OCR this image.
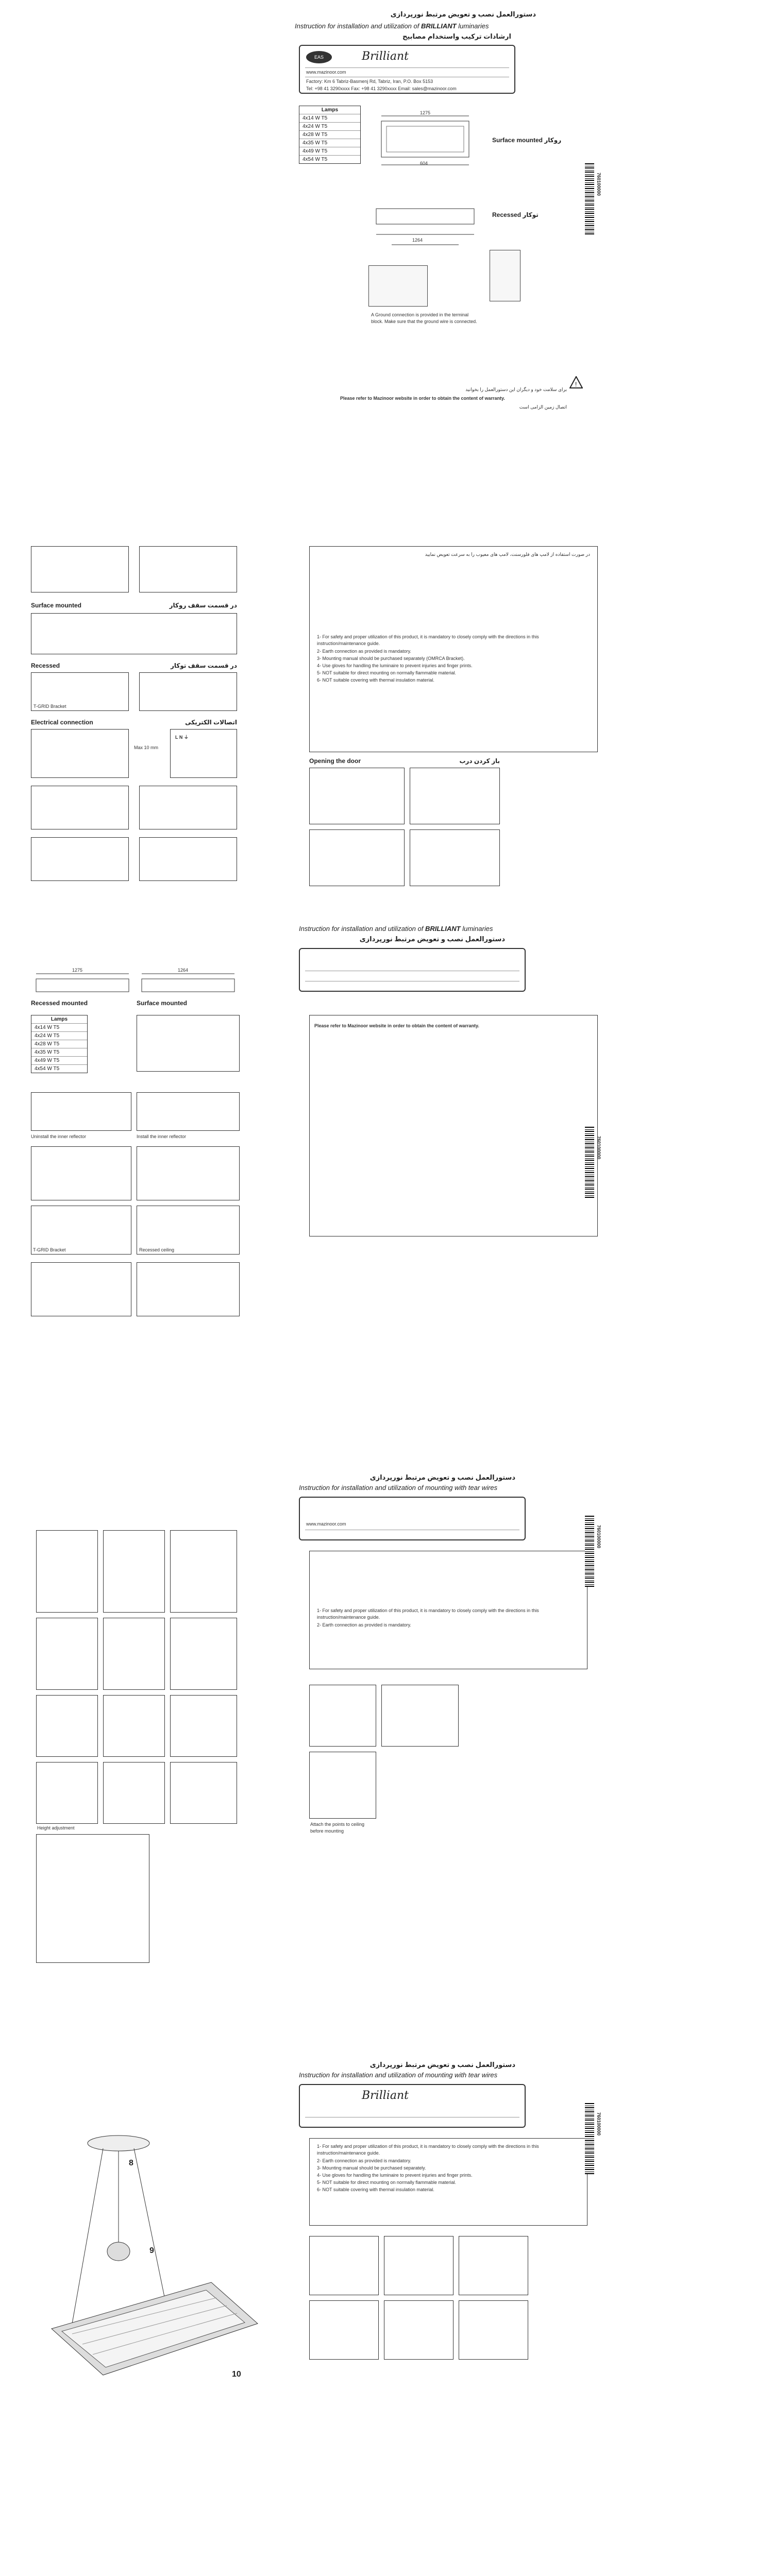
دستورالعمل نصب و تعویض مرتبط نورپردازی
Instruction for installation and utilization of BRILLIANT luminaries
ارشادات تركيب واستخدام مصابيح
EAS	Brilliant
www.mazinoor.com
Factory: Km 6 Tabriz-Basmenj Rd, Tabriz, Iran, P.O. Box 5153
Tel: +98 41 3290xxxx Fax: +98 41 3290xxxx Email: sales@mazinoor.com
Lamps
4x14 W T5
4x24 W T5
4x28 W T5
4x35 W T5
4x49 W T5
4x54 W T5
1275
604
Surface mounted روکار
1264
Recessed توکار
A Ground connection is provided in the terminal block. Make sure that the ground wire is connected.
!
برای سلامت خود و دیگران این دستورالعمل را بخوانید
Please refer to Mazinoor website in order to obtain the content of warranty.
اتصال زمین الزامی است
760100000
Surface mounted	در قسمت سقف روکار
Recessed	در قسمت سقف توکار
T-GRID Bracket
Electrical connection	اتصالات الکتریکی
Max 10 mm
L N ⏚
در صورت استفاده از لامپ های فلورسنت، لامپ های معیوب را به سرعت تعویض نمایید
1- For safety and proper utilization of this product, it is mandatory to closely comply with the directions in this instruction/maintenance guide.
2- Earth connection as provided is mandatory.
3- Mounting manual should be purchased separately (OMRCA Bracket).
4- Use gloves for handling the luminaire to prevent injuries and finger prints.
5- NOT suitable for direct mounting on normally flammable material.
6- NOT suitable covering with thermal insulation material.
Opening the door	باز کردن درب
Recessed mounted	Surface mounted
1275	1264
Lamps
4x14 W T5
4x24 W T5
4x28 W T5
4x35 W T5
4x49 W T5
4x54 W T5
Uninstall the inner reflector	Install the inner reflector
T-GRID Bracket	Recessed ceiling
Instruction for installation and utilization of BRILLIANT luminaries
دستورالعمل نصب و تعویض مرتبط نورپردازی
Please refer to Mazinoor website in order to obtain the content of warranty.
760100000
Height adjustment
دستورالعمل نصب و تعویض مرتبط نورپردازی
Instruction for installation and utilization of mounting with tear wires
www.mazinoor.com
1- For safety and proper utilization of this product, it is mandatory to closely comply with the directions in this instruction/maintenance guide.
2- Earth connection as provided is mandatory.
Attach the points to ceiling before mounting
760100000
8
9
10
دستورالعمل نصب و تعویض مرتبط نورپردازی
Instruction for installation and utilization of mounting with tear wires
Brilliant
1- For safety and proper utilization of this product, it is mandatory to closely comply with the directions in this instruction/maintenance guide.
2- Earth connection as provided is mandatory.
3- Mounting manual should be purchased separately.
4- Use gloves for handling the luminaire to prevent injuries and finger prints.
5- NOT suitable for direct mounting on normally flammable material.
6- NOT suitable covering with thermal insulation material.
760100000
